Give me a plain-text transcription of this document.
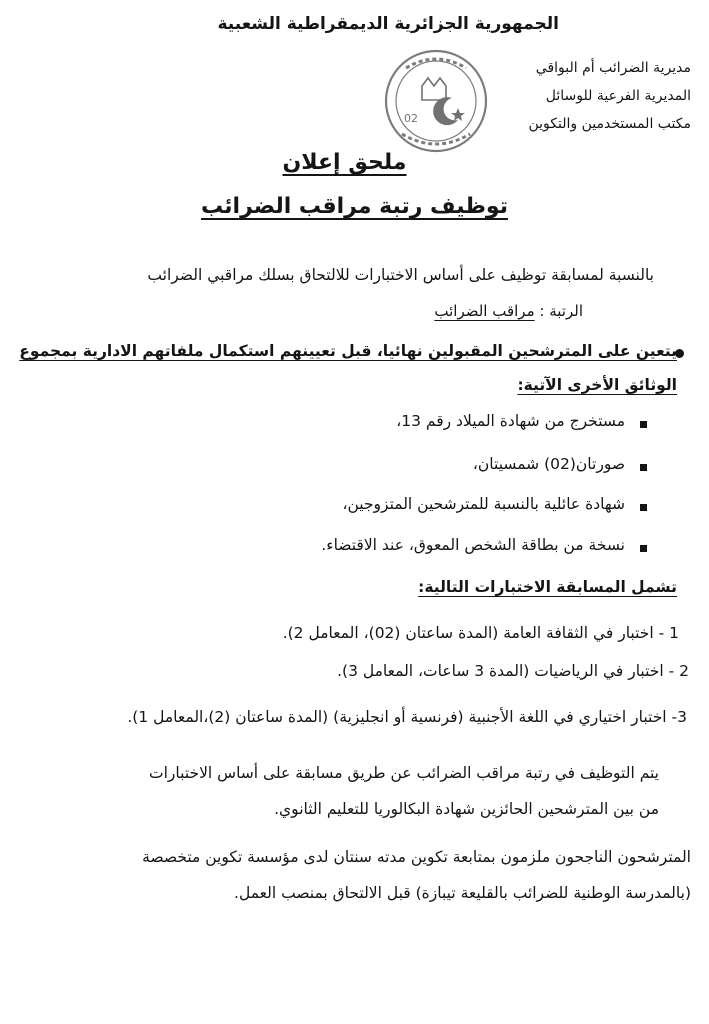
02

الجمهورية الجزائرية الديمقراطية الشعبية

مديرية الضرائب أم البواقي

المديرية الفرعية للوسائل

مكتب المستخدمين والتكوين

ملحق إعلان

توظيف رتبة مراقب الضرائب

بالنسبة لمسابقة توظيف على أساس الاختبارات للالتحاق بسلك مراقبي الضرائب

الرتبة : مراقب الضرائب

يتعين على المترشحين المقبولين نهائيا، قبل تعيينهم استكمال ملفاتهم الادارية بمجموع

الوثائق الأخرى الآتية:

مستخرج من شهادة الميلاد رقم 13،

صورتان(02) شمسيتان،

شهادة عائلية بالنسبة للمترشحين المتزوجين،

نسخة من بطاقة الشخص المعوق، عند الاقتضاء.

تشمل المسابقة الاختبارات التالية:

1 - اختبار في الثقافة العامة (المدة ساعتان (02)، المعامل 2).

2 - اختبار في الرياضيات (المدة 3 ساعات، المعامل 3).

3- اختبار اختياري في اللغة الأجنبية (فرنسية أو انجليزية) (المدة ساعتان (2)،المعامل 1).

يتم التوظيف في رتبة مراقب الضرائب عن طريق مسابقة على أساس الاختبارات

من بين المترشحين الحائزين شهادة البكالوريا للتعليم الثانوي.

المترشحون الناجحون ملزمون بمتابعة تكوين مدته سنتان لدى مؤسسة تكوين متخصصة

(بالمدرسة الوطنية للضرائب بالقليعة تيبازة) قبل الالتحاق بمنصب العمل.
